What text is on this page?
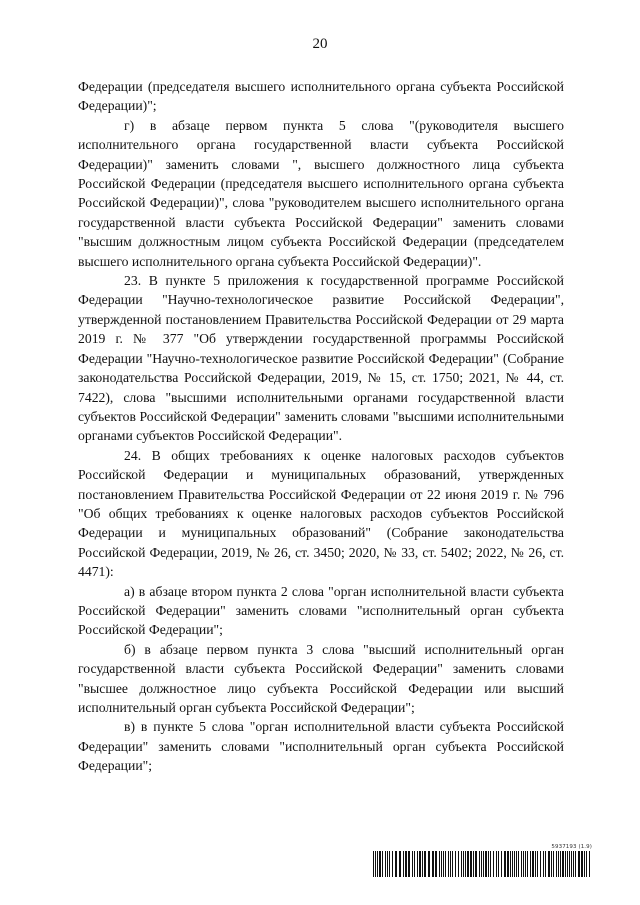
20

Федерации (председателя высшего исполнительного органа субъекта Российской Федерации)";

г) в абзаце первом пункта 5 слова "(руководителя высшего исполнительного органа государственной власти субъекта Российской Федерации)" заменить словами ", высшего должностного лица субъекта Российской Федерации (председателя высшего исполнительного органа субъекта Российской Федерации)", слова "руководителем высшего исполнительного органа государственной власти субъекта Российской Федерации" заменить словами "высшим должностным лицом субъекта Российской Федерации (председателем высшего исполнительного органа субъекта Российской Федерации)".

23. В пункте 5 приложения к государственной программе Российской Федерации "Научно-технологическое развитие Российской Федерации", утвержденной постановлением Правительства Российской Федерации от 29 марта 2019 г. № 377 "Об утверждении государственной программы Российской Федерации "Научно-технологическое развитие Российской Федерации" (Собрание законодательства Российской Федерации, 2019, № 15, ст. 1750; 2021, № 44, ст. 7422), слова "высшими исполнительными органами государственной власти субъектов Российской Федерации" заменить словами "высшими исполнительными органами субъектов Российской Федерации".

24. В общих требованиях к оценке налоговых расходов субъектов Российской Федерации и муниципальных образований, утвержденных постановлением Правительства Российской Федерации от 22 июня 2019 г. № 796 "Об общих требованиях к оценке налоговых расходов субъектов Российской Федерации и муниципальных образований" (Собрание законодательства Российской Федерации, 2019, № 26, ст. 3450; 2020, № 33, ст. 5402; 2022, № 26, ст. 4471):

а) в абзаце втором пункта 2 слова "орган исполнительной власти субъекта Российской Федерации" заменить словами "исполнительный орган субъекта Российской Федерации";

б) в абзаце первом пункта 3 слова "высший исполнительный орган государственной власти субъекта Российской Федерации" заменить словами "высшее должностное лицо субъекта Российской Федерации или высший исполнительный орган субъекта Российской Федерации";

в) в пункте 5 слова "орган исполнительной власти субъекта Российской Федерации" заменить словами "исполнительный орган субъекта Российской Федерации";

5937193 (1.9)
